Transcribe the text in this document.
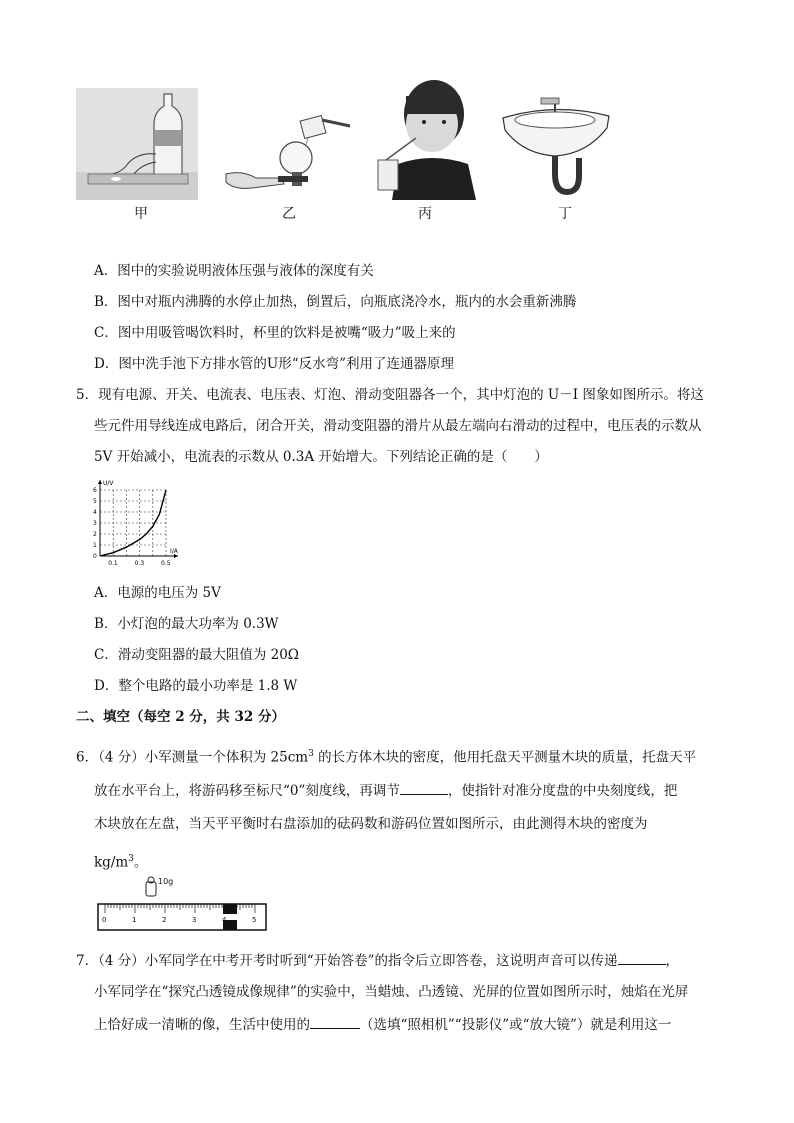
甲	乙	丙	丁
A．图中的实验说明液体压强与液体的深度有关
B．图中对瓶内沸腾的水停止加热，倒置后，向瓶底浇冷水，瓶内的水会重新沸腾
C．图中用吸管喝饮料时，杯里的饮料是被嘴“吸力”吸上来的
D．图中洗手池下方排水管的U形“反水弯”利用了连通器原理
5．现有电源、开关、电流表、电压表、灯泡、滑动变阻器各一个，其中灯泡的 U－I 图象如图所示。将这
些元件用导线连成电路后，闭合开关，滑动变阻器的滑片从最左端向右滑动的过程中，电压表的示数从
5V 开始减小，电流表的示数从 0.3A 开始增大。下列结论正确的是（　　）
U/V
I/A
0
1
2
3
4
5
6
0.1	0.3	0.5
A．电源的电压为 5V
B．小灯泡的最大功率为 0.3W
C．滑动变阻器的最大阻值为 20Ω
D．整个电路的最小功率是 1.8 W
二、填空（每空 2 分，共 32 分）
6．（4 分）小军测量一个体积为 $25cm^3$ 的长方体木块的密度，他用托盘天平测量木块的质量，托盘天平
放在水平台上，将游码移至标尺“0”刻度线，再调节	，使指针对准分度盘的中央刻度线，把
木块放在左盘，当天平平衡时右盘添加的砝码数和游码位置如图所示，由此测得木块的密度为
$kg/m^3$。
10g
0	1	2	3	4	5
7．（4 分）小军同学在中考开考时听到“开始答卷”的指令后立即答卷，这说明声音可以传递	，
小军同学在“探究凸透镜成像规律”的实验中，当蜡烛、凸透镜、光屏的位置如图所示时，烛焰在光屏
上恰好成一清晰的像，生活中使用的	（选填“照相机”“投影仪”或“放大镜”）就是利用这一
